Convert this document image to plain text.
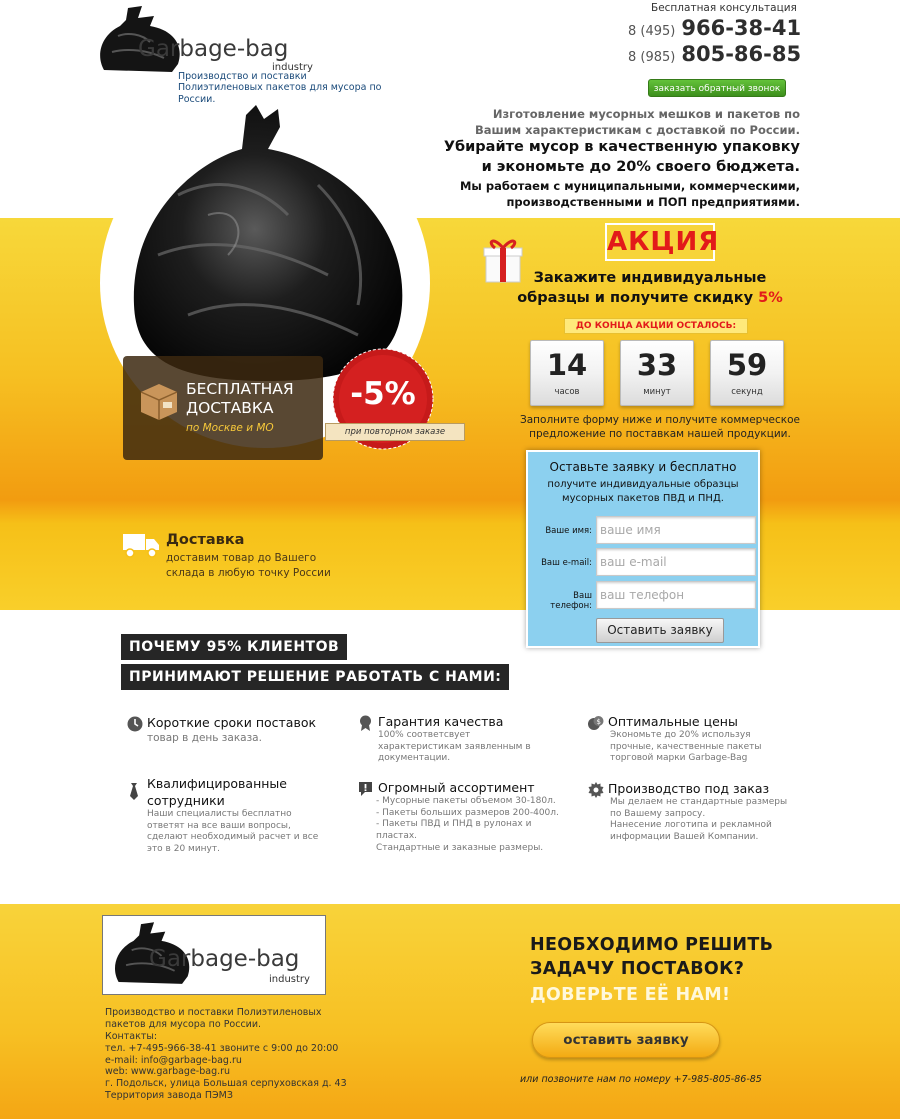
Garbage-bag
industry
Производство и поставки Полиэтиленовых пакетов для мусора по России.
Бесплатная консультация
8 (495) 966-38-41
8 (985) 805-86-85
заказать обратный звонок
Изготовление мусорных мешков и пакетов по Вашим характеристикам с доставкой по России.
Убирайте мусор в качественную упаковку и экономьте до 20% своего бюджета.
Мы работаем с муниципальными, коммерческими, производственными и ПОП предприятиями.
БЕСПЛАТНАЯ ДОСТАВКА
по Москве и МО
-5%
при повторном заказе
АКЦИЯ
Закажите индивидуальные образцы и получите скидку 5%
ДО КОНЦА АКЦИИ ОСТАЛОСЬ:
14
часов
33
минут
59
секунд
Заполните форму ниже и получите коммерческое предложение по поставкам нашей продукции.
Оставьте заявку и бесплатно
получите индивидуальные образцы мусорных пакетов ПВД и ПНД.
Ваше имя: ваше имя
Ваш e-mail: ваш e-mail
Ваш телефон:
ваш телефон
Оставить заявку
Доставка
доставим товар до Вашего склада в любую точку России
ПОЧЕМУ 95% КЛИЕНТОВ
ПРИНИМАЮТ РЕШЕНИЕ РАБОТАТЬ С НАМИ:
Короткие сроки поставок
товар в день заказа.
Гарантия качества
100% соответсвует характеристикам заявленным в документации.
$ Оптимальные цены
Экономьте до 20% используя прочные, качественные пакеты торговой марки Garbage-Bag
Квалифицированные сотрудники
Наши специалисты бесплатно ответят на все ваши вопросы, сделают необходимый расчет и все это в 20 минут.
Огромный ассортимент
- Мусорные пакеты объемом 30-180л.
- Пакеты больших размеров 200-400л.
- Пакеты ПВД и ПНД в рулонах и пластах.
Стандартные и заказные размеры.
Производство под заказ
Мы делаем не стандартные размеры по Вашему запросу.
Нанесение логотипа и рекламной информации Вашей Компании.
Garbage-bag
industry
Производство и поставки Полиэтиленовых
пакетов для мусора по России.
Контакты:
тел. +7-495-966-38-41 звоните с 9:00 до 20:00
e-mail: info@garbage-bag.ru
web: www.garbage-bag.ru
г. Подольск, улица Большая серпуховская д. 43
Территория завода ПЭМЗ
НЕОБХОДИМО РЕШИТЬ
ЗАДАЧУ ПОСТАВОК?
ДОВЕРЬТЕ ЕЁ НАМ!
оставить заявку
или позвоните нам по номеру +7-985-805-86-85
